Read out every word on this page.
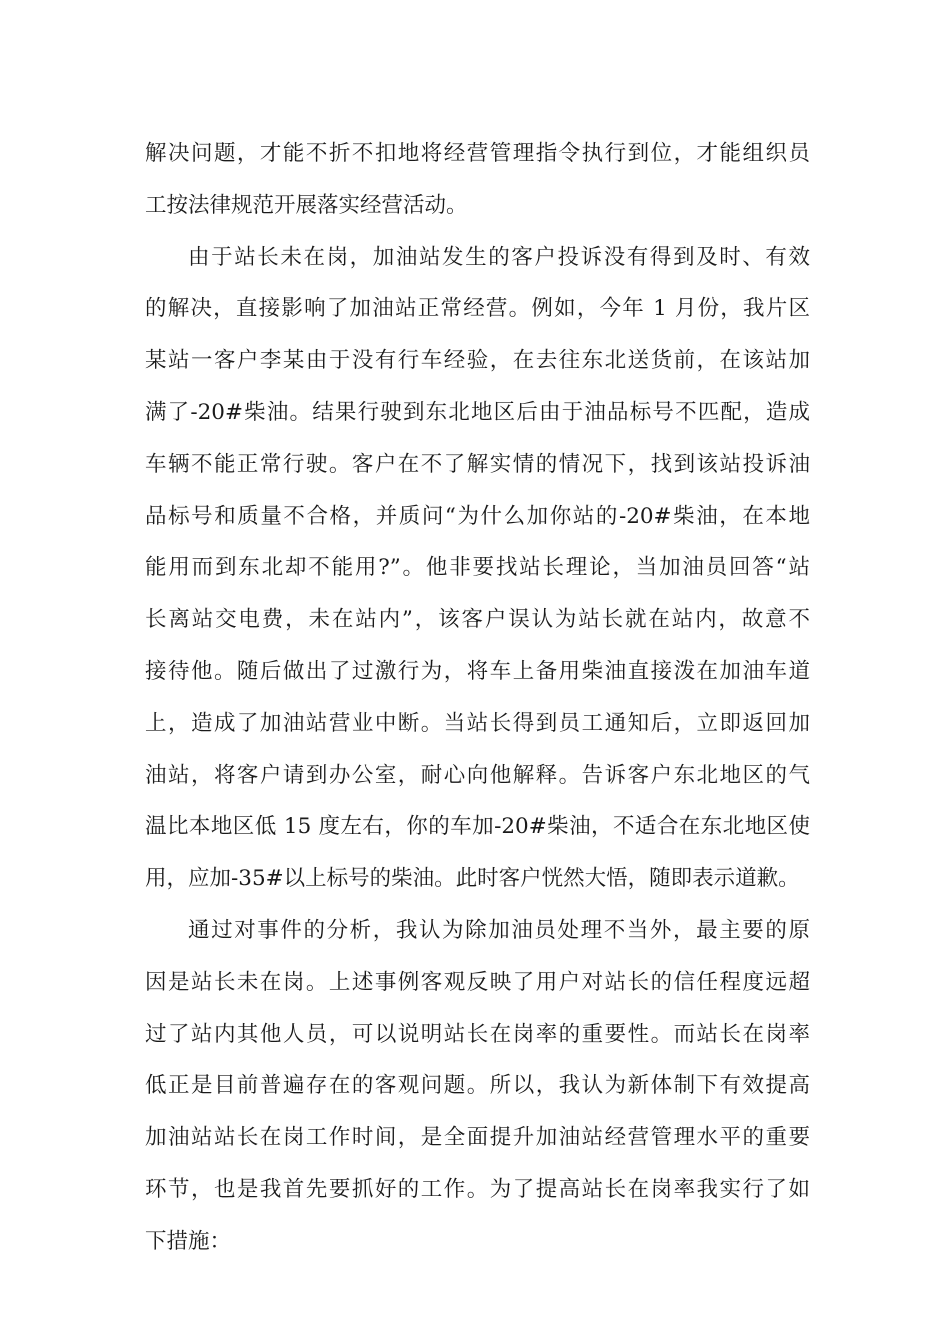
解决问题，才能不折不扣地将经营管理指令执行到位，才能组织员
工按法律规范开展落实经营活动。
由于站长未在岗，加油站发生的客户投诉没有得到及时、有效
的解决，直接影响了加油站正常经营。例如，今年 1 月份，我片区
某站一客户李某由于没有行车经验，在去往东北送货前，在该站加
满了-20#柴油。结果行驶到东北地区后由于油品标号不匹配，造成
车辆不能正常行驶。客户在不了解实情的情况下，找到该站投诉油
品标号和质量不合格，并质问“为什么加你站的-20#柴油，在本地
能用而到东北却不能用?”。他非要找站长理论，当加油员回答“站
长离站交电费，未在站内”，该客户误认为站长就在站内，故意不
接待他。随后做出了过激行为，将车上备用柴油直接泼在加油车道
上，造成了加油站营业中断。当站长得到员工通知后，立即返回加
油站，将客户请到办公室，耐心向他解释。告诉客户东北地区的气
温比本地区低 15 度左右，你的车加-20#柴油，不适合在东北地区使
用，应加-35#以上标号的柴油。此时客户恍然大悟，随即表示道歉。
通过对事件的分析，我认为除加油员处理不当外，最主要的原
因是站长未在岗。上述事例客观反映了用户对站长的信任程度远超
过了站内其他人员，可以说明站长在岗率的重要性。而站长在岗率
低正是目前普遍存在的客观问题。所以，我认为新体制下有效提高
加油站站长在岗工作时间，是全面提升加油站经营管理水平的重要
环节，也是我首先要抓好的工作。为了提高站长在岗率我实行了如
下措施：
